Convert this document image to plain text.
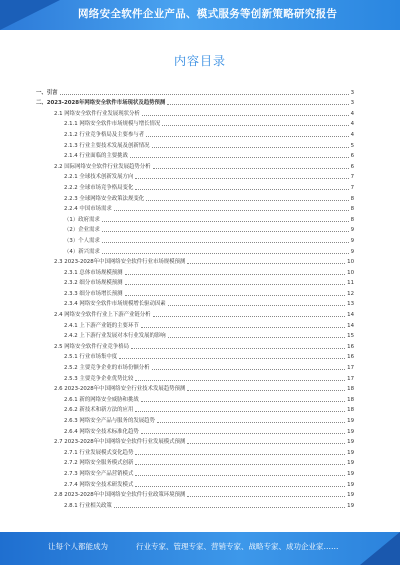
网络安全软件企业产品、模式服务等创新策略研究报告
内容目录
一、引言	3
二、2023-2028年网络安全软件市场现状及趋势预测	3
2.1 网络安全软件行业发展现状分析	4
2.1.1 网络安全软件市场规模与增长情况	4
2.1.2 行业竞争格局及主要参与者	4
2.1.3 行业主要技术发展及创新情况	5
2.1.4 行业面临的主要挑战	6
2.2 国际网络安全软件行业发展趋势分析	6
2.2.1 全球技术创新发展方向	7
2.2.2 全球市场竞争格局变化	7
2.2.3 全球网络安全政策法规变化	8
2.2.4 中国市场需求	8
（1）政府需求	8
（2）企业需求	9
（3）个人需求	9
（4）新兴需求	9
2.3 2023-2028年中国网络安全软件行业市场规模预测	10
2.3.1 总体市场规模预测	10
2.3.2 细分市场规模预测	11
2.3.3 细分市场增长预测	12
2.3.4 网络安全软件市场规模增长驱动因素	13
2.4 网络安全软件行业上下游产业链分析	14
2.4.1 上下游产业链的主要环节	14
2.4.2 上下游行业发展对本行业发展的影响	15
2.5 网络安全软件行业竞争格局	16
2.5.1 行业市场集中度	16
2.5.2 主要竞争企业的市场份额分析	17
2.5.3 主要竞争企业优势比较	17
2.6 2023-2028年中国网络安全行业技术发展趋势预测	18
2.6.1 新的网络安全威胁和挑战	18
2.6.2 新技术和新方法的应用	18
2.6.3 网络安全产品与服务的发展趋势	19
2.6.4 网络安全技术标准化趋势	19
2.7 2023-2028年中国网络安全软件行业发展模式预测	19
2.7.1 行业发展模式变化趋势	19
2.7.2 网络安全服务模式创新	19
2.7.3 网络安全产品营销模式	19
2.7.4 网络安全技术研发模式	19
2.8 2023-2028年中国网络安全软件行业政策环境预测	19
2.8.1 行业相关政策	19
让每个人都能成为	行业专家、管理专家、营销专家、战略专家、成功企业家……
